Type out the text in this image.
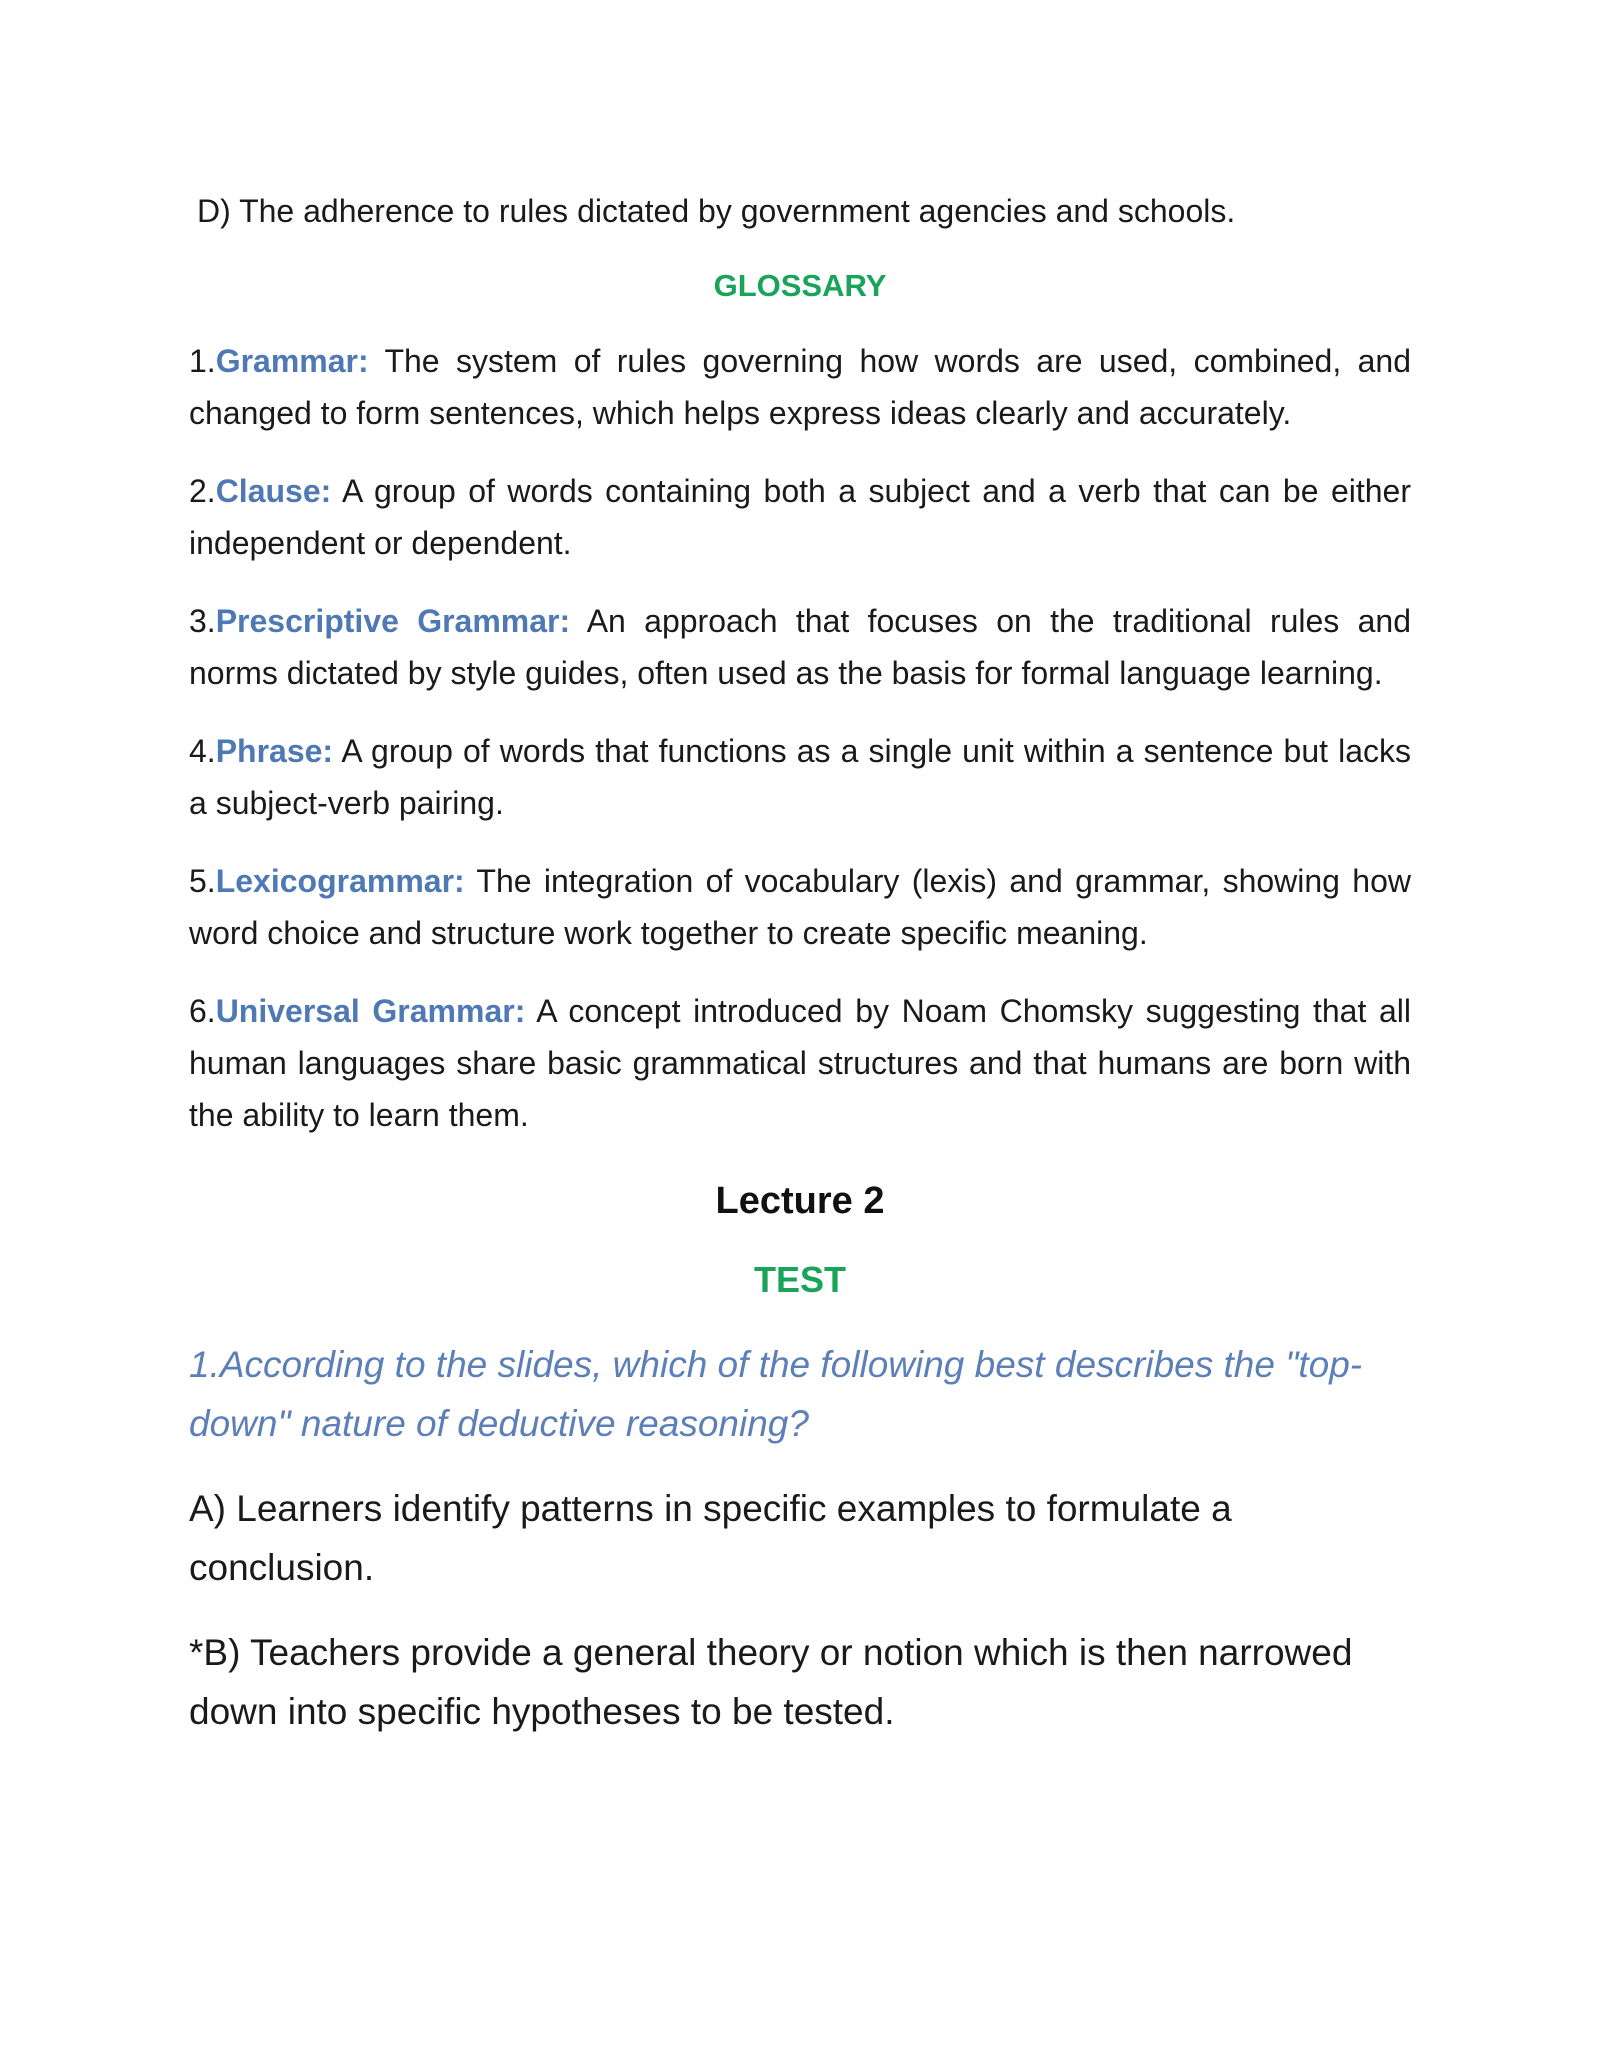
D) The adherence to rules dictated by government agencies and schools.

GLOSSARY

1.Grammar: The system of rules governing how words are used, combined, and changed to form sentences, which helps express ideas clearly and accurately.

2.Clause: A group of words containing both a subject and a verb that can be either independent or dependent.

3.Prescriptive Grammar: An approach that focuses on the traditional rules and norms dictated by style guides, often used as the basis for formal language learning.

4.Phrase: A group of words that functions as a single unit within a sentence but lacks a subject-verb pairing.

5.Lexicogrammar: The integration of vocabulary (lexis) and grammar, showing how word choice and structure work together to create specific meaning.

6.Universal Grammar: A concept introduced by Noam Chomsky suggesting that all human languages share basic grammatical structures and that humans are born with the ability to learn them.

Lecture 2
TEST

1.According to the slides, which of the following best describes the "top-down" nature of deductive reasoning?

A) Learners identify patterns in specific examples to formulate a conclusion.

*B) Teachers provide a general theory or notion which is then narrowed down into specific hypotheses to be tested.
